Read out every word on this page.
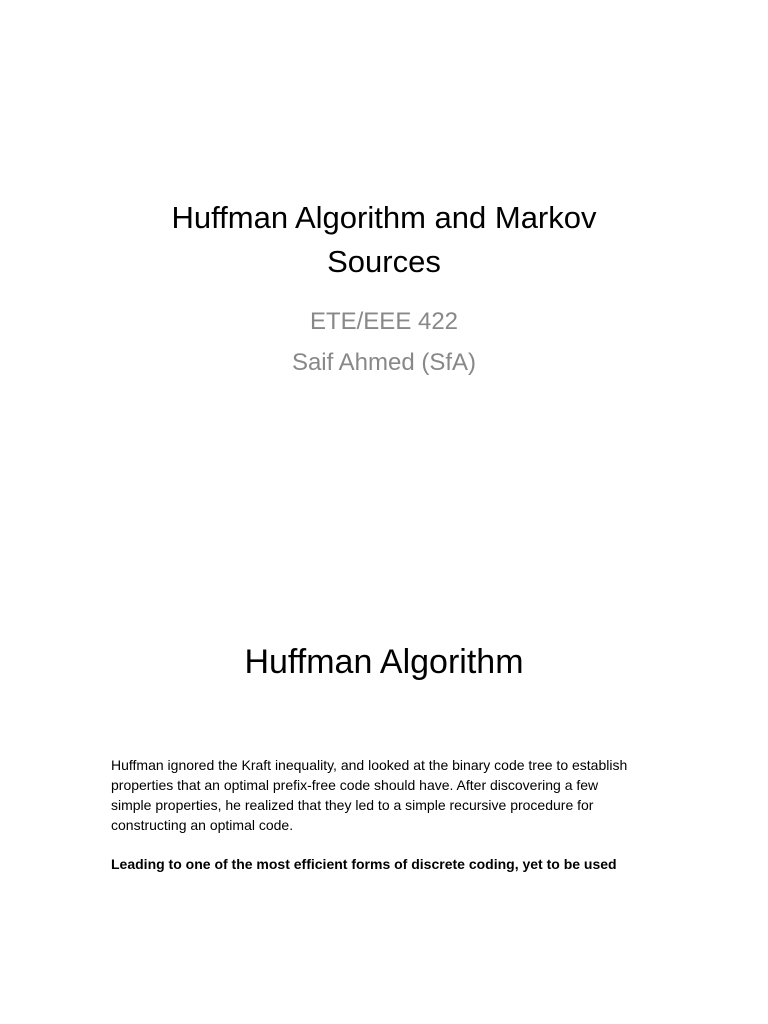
Huffman Algorithm and Markov Sources
ETE/EEE 422
Saif Ahmed (SfA)
Huffman Algorithm

Huffman ignored the Kraft inequality, and looked at the binary code tree to establish properties that an optimal prefix-free code should have. After discovering a few simple properties, he realized that they led to a simple recursive procedure for constructing an optimal code.

Leading to one of the most efficient forms of discrete coding, yet to be used
